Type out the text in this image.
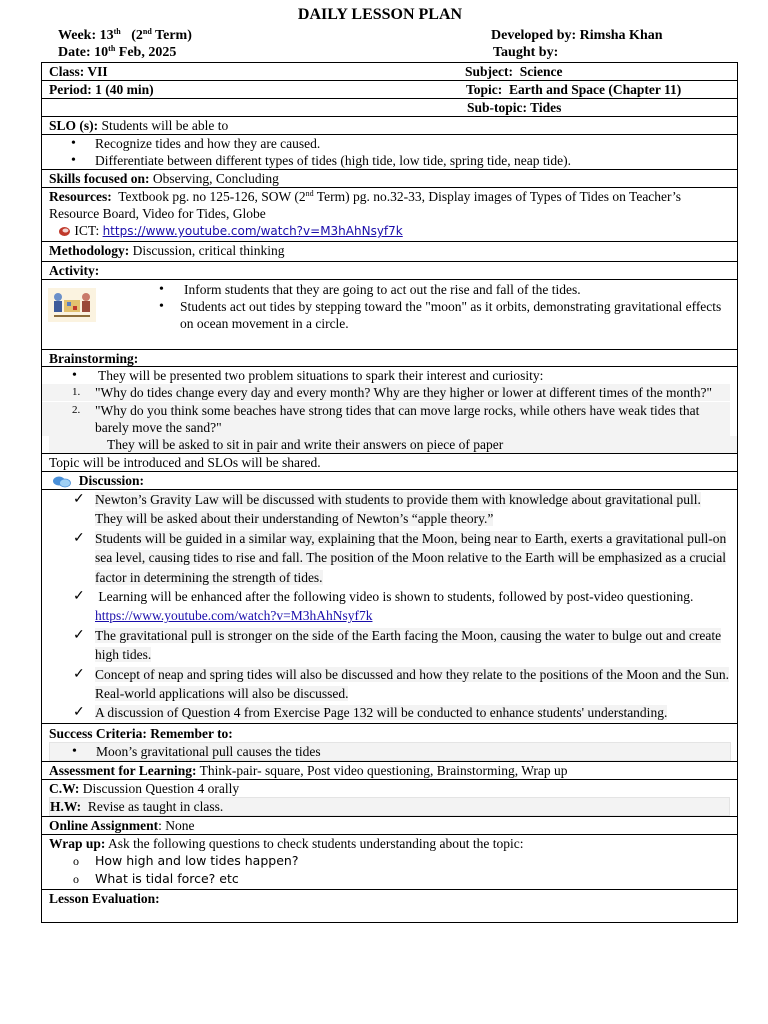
DAILY LESSON PLAN
Week: 13th   (2nd Term)	Developed by: Rimsha Khan
Date: 10th Feb, 2025	Taught by:
Class: VII	Subject: Science
Period: 1 (40 min)	Topic: Earth and Space (Chapter 11)
Sub-topic: Tides
SLO (s): Students will be able to
• Recognize tides and how they are caused.
• Differentiate between different types of tides (high tide, low tide, spring tide, neap tide).
Skills focused on: Observing, Concluding
Resources: Textbook pg. no 125-126, SOW (2nd Term) pg. no.32-33, Display images of Types of Tides on Teacher’s Resource Board, Video for Tides, Globe
ICT: https://www.youtube.com/watch?v=M3hAhNsyf7k
Methodology: Discussion, critical thinking
Activity:
• Inform students that they are going to act out the rise and fall of the tides.
• Students act out tides by stepping toward the "moon" as it orbits, demonstrating gravitational effects on ocean movement in a circle.
Brainstorming:
• They will be presented two problem situations to spark their interest and curiosity:
1. "Why do tides change every day and every month? Why are they higher or lower at different times of the month?"
2. "Why do you think some beaches have strong tides that can move large rocks, while others have weak tides that barely move the sand?"
They will be asked to sit in pair and write their answers on piece of paper
Topic will be introduced and SLOs will be shared.
Discussion:
✓ Newton’s Gravity Law will be discussed with students to provide them with knowledge about gravitational pull. They will be asked about their understanding of Newton’s “apple theory.”
✓ Students will be guided in a similar way, explaining that the Moon, being near to Earth, exerts a gravitational pull-on sea level, causing tides to rise and fall. The position of the Moon relative to the Earth will be emphasized as a crucial factor in determining the strength of tides.
✓ Learning will be enhanced after the following video is shown to students, followed by post-video questioning. https://www.youtube.com/watch?v=M3hAhNsyf7k
✓ The gravitational pull is stronger on the side of the Earth facing the Moon, causing the water to bulge out and create high tides.
✓ Concept of neap and spring tides will also be discussed and how they relate to the positions of the Moon and the Sun. Real-world applications will also be discussed.
✓ A discussion of Question 4 from Exercise Page 132 will be conducted to enhance students' understanding.
Success Criteria: Remember to:
• Moon’s gravitational pull causes the tides
Assessment for Learning: Think-pair- square, Post video questioning, Brainstorming, Wrap up
C.W: Discussion Question 4 orally
H.W: Revise as taught in class.
Online Assignment: None
Wrap up: Ask the following questions to check students understanding about the topic:
o How high and low tides happen?
o What is tidal force? etc
Lesson Evaluation:
